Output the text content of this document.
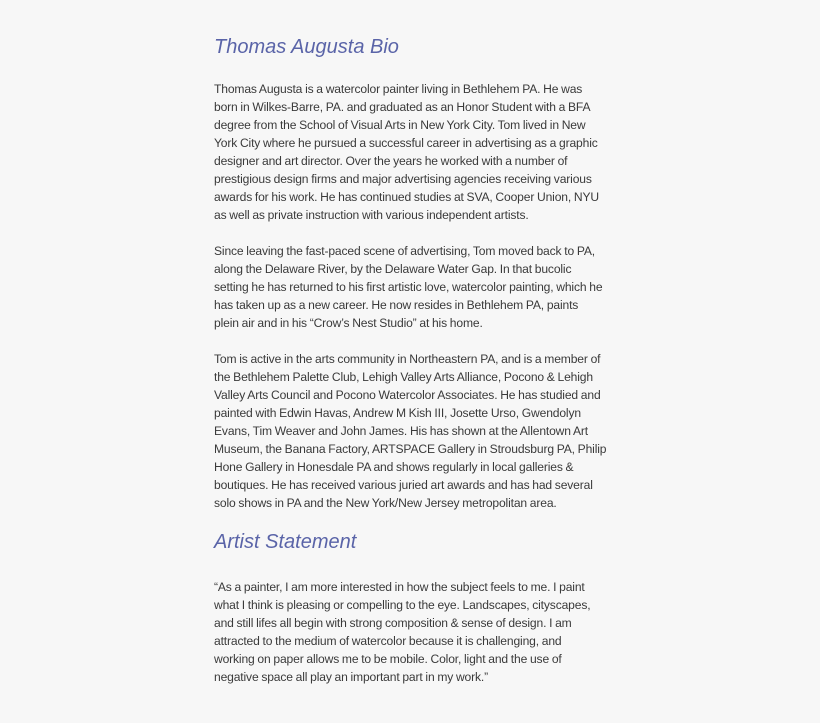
Thomas Augusta Bio

Thomas Augusta is a watercolor painter living in Bethlehem PA. He was
born in Wilkes-Barre, PA. and graduated as an Honor Student with a BFA
degree from the School of Visual Arts in New York City. Tom lived in New
York City where he pursued a successful career in advertising as a graphic
designer and art director. Over the years he worked with a number of
prestigious design firms and major advertising agencies receiving various
awards for his work. He has continued studies at SVA, Cooper Union, NYU
as well as private instruction with various independent artists.

Since leaving the fast-paced scene of advertising, Tom moved back to PA,
along the Delaware River, by the Delaware Water Gap. In that bucolic
setting he has returned to his first artistic love, watercolor painting, which he
has taken up as a new career. He now resides in Bethlehem PA, paints
plein air and in his “Crow’s Nest Studio” at his home.

Tom is active in the arts community in Northeastern PA, and is a member of
the Bethlehem Palette Club, Lehigh Valley Arts Alliance, Pocono & Lehigh
Valley Arts Council and Pocono Watercolor Associates. He has studied and
painted with Edwin Havas, Andrew M Kish III, Josette Urso, Gwendolyn
Evans, Tim Weaver and John James. His has shown at the Allentown Art
Museum, the Banana Factory, ARTSPACE Gallery in Stroudsburg PA, Philip
Hone Gallery in Honesdale PA and shows regularly in local galleries &
boutiques. He has received various juried art awards and has had several
solo shows in PA and the New York/New Jersey metropolitan area.

Artist Statement

“As a painter, I am more interested in how the subject feels to me. I paint
what I think is pleasing or compelling to the eye. Landscapes, cityscapes,
and still lifes all begin with strong composition & sense of design. I am
attracted to the medium of watercolor because it is challenging, and
working on paper allows me to be mobile. Color, light and the use of
negative space all play an important part in my work.”
